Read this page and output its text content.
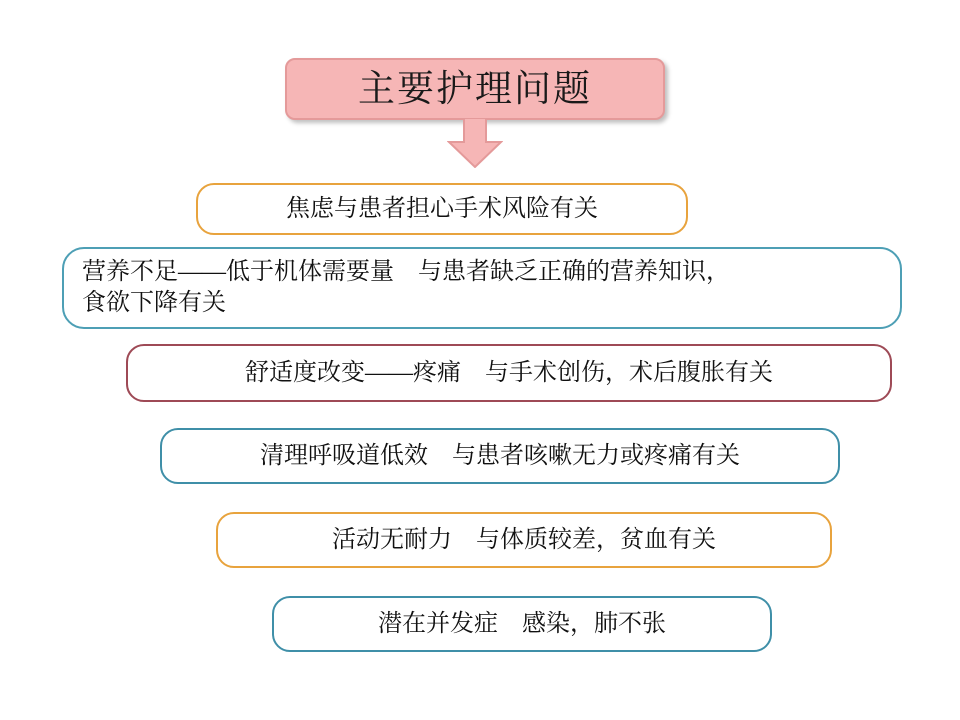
主要护理问题
焦虑与患者担心手术风险有关
营养不足——低于机体需要量　与患者缺乏正确的营养知识，
食欲下降有关
舒适度改变——疼痛　与手术创伤，术后腹胀有关
清理呼吸道低效　与患者咳嗽无力或疼痛有关
活动无耐力　与体质较差，贫血有关
潜在并发症　感染，肺不张
